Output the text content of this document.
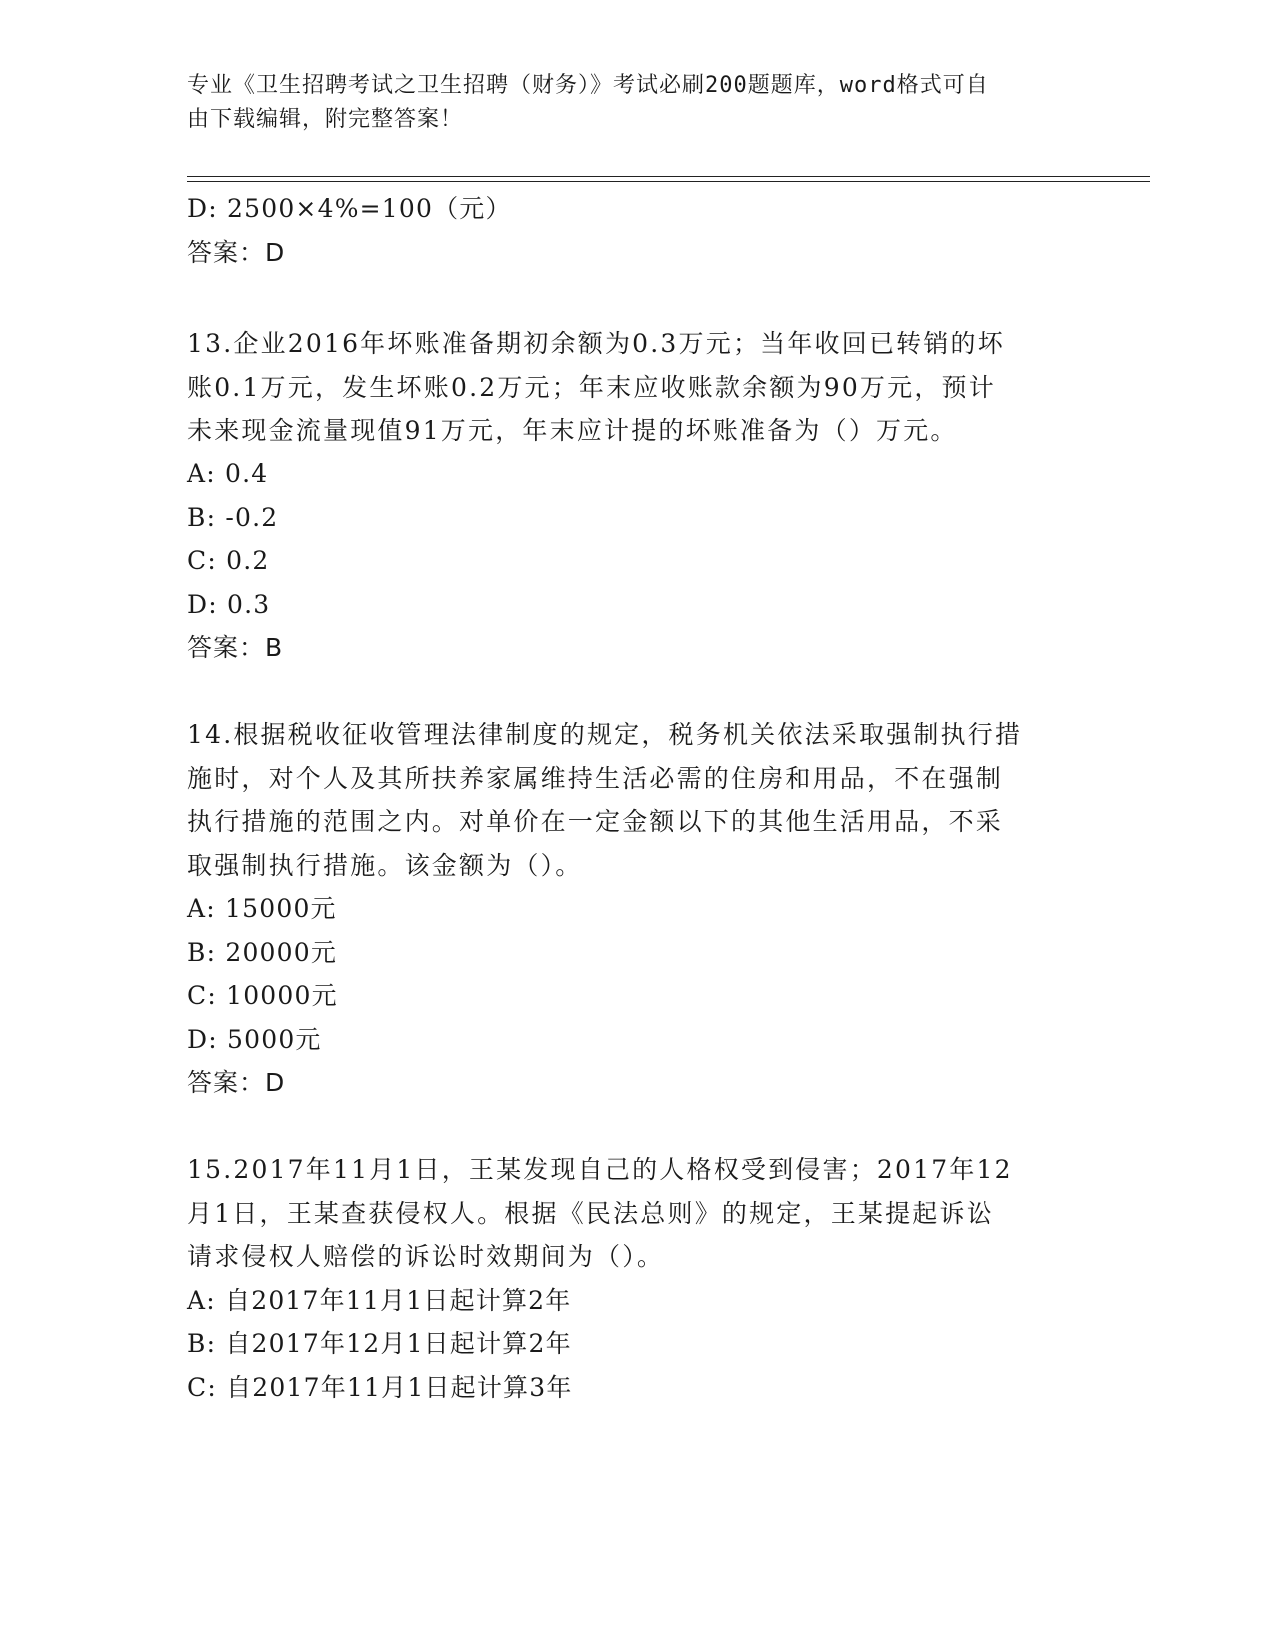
专业《卫生招聘考试之卫生招聘（财务）》考试必刷200题题库，word格式可自
由下载编辑，附完整答案！
D: 2500×4%=100（元）
答案：D
13.企业2016年坏账准备期初余额为0.3万元；当年收回已转销的坏
账0.1万元，发生坏账0.2万元；年末应收账款余额为90万元，预计
未来现金流量现值91万元，年末应计提的坏账准备为（）万元。
A: 0.4
B: -0.2
C: 0.2
D: 0.3
答案：B
14.根据税收征收管理法律制度的规定，税务机关依法采取强制执行措
施时，对个人及其所扶养家属维持生活必需的住房和用品，不在强制
执行措施的范围之内。对单价在一定金额以下的其他生活用品，不采
取强制执行措施。该金额为（）。
A: 15000元
B: 20000元
C: 10000元
D: 5000元
答案：D
15.2017年11月1日，王某发现自己的人格权受到侵害；2017年12
月1日，王某查获侵权人。根据《民法总则》的规定，王某提起诉讼
请求侵权人赔偿的诉讼时效期间为（）。
A: 自2017年11月1日起计算2年
B: 自2017年12月1日起计算2年
C: 自2017年11月1日起计算3年
